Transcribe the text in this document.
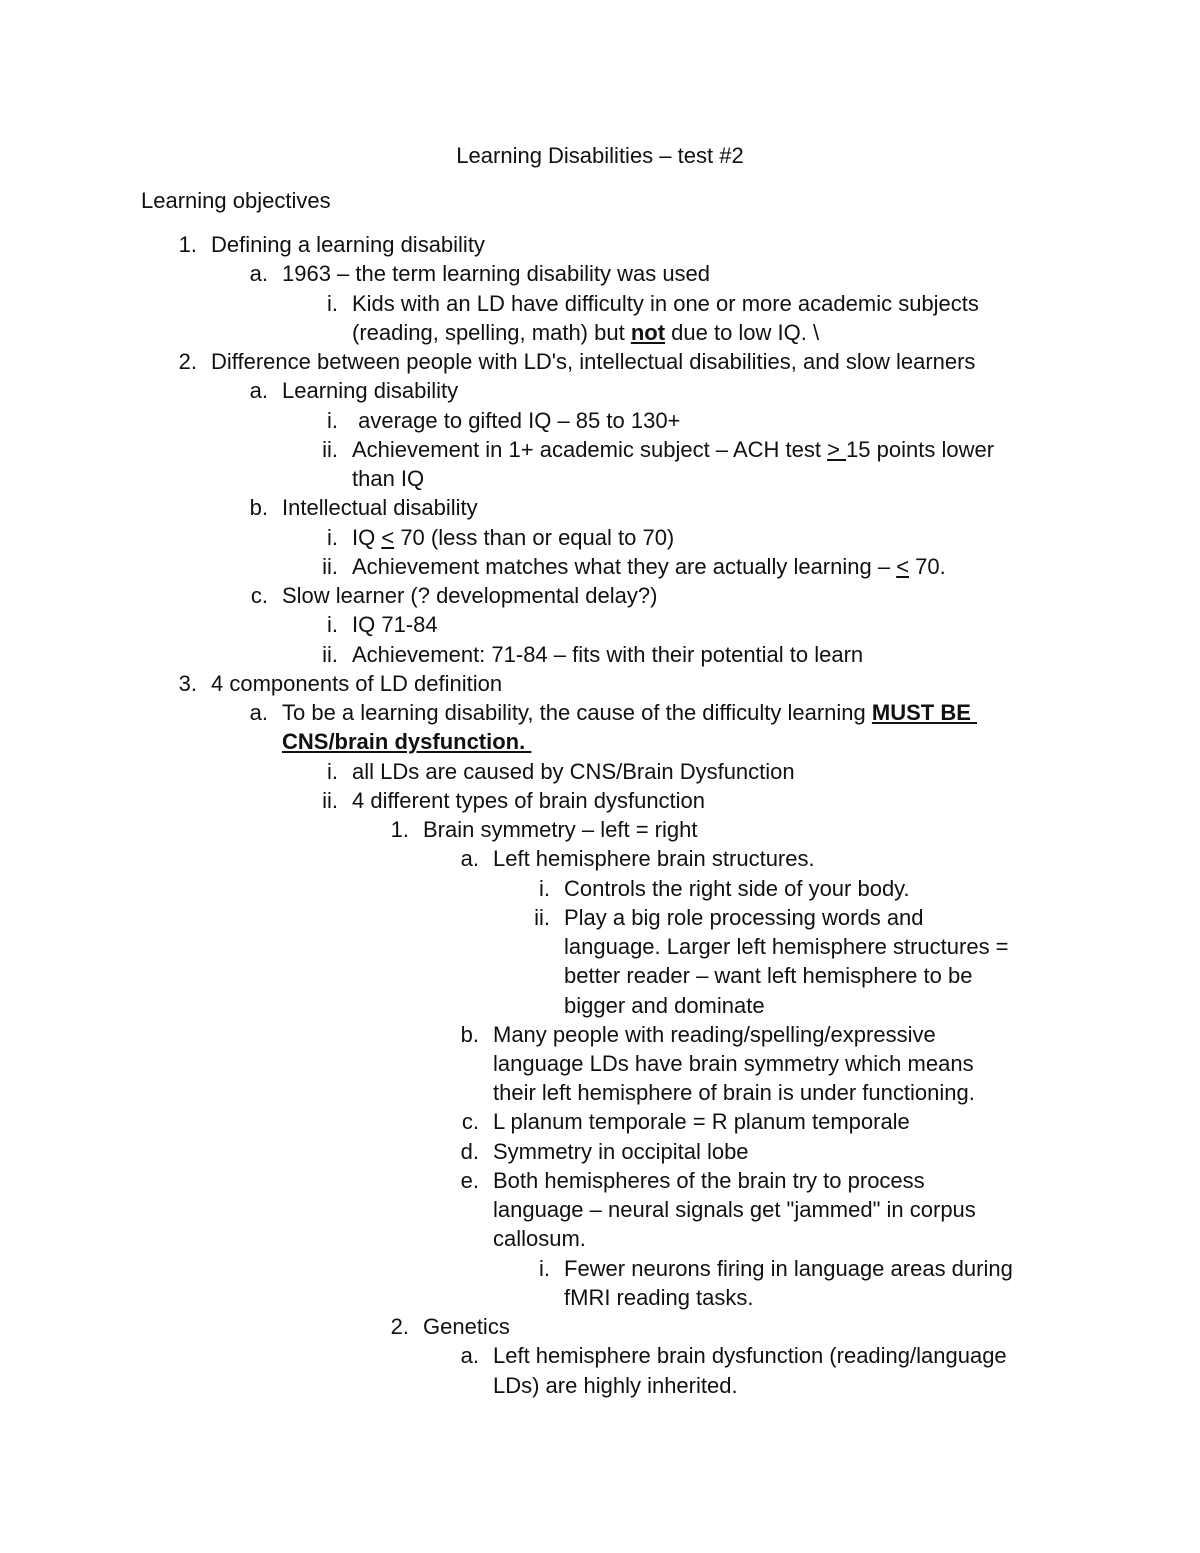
Learning Disabilities – test #2
Learning objectives
1. Defining a learning disability
a. 1963 – the term learning disability was used
i. Kids with an LD have difficulty in one or more academic subjects
(reading, spelling, math) but not due to low IQ. \
2. Difference between people with LD's, intellectual disabilities, and slow learners
a. Learning disability
i. average to gifted IQ – 85 to 130+
ii. Achievement in 1+ academic subject – ACH test > 15 points lower
than IQ
b. Intellectual disability
i. IQ < 70 (less than or equal to 70)
ii. Achievement matches what they are actually learning – < 70.
c. Slow learner (? developmental delay?)
i. IQ 71-84
ii. Achievement: 71-84 – fits with their potential to learn
3. 4 components of LD definition
a. To be a learning disability, the cause of the difficulty learning MUST BE
CNS/brain dysfunction.
i. all LDs are caused by CNS/Brain Dysfunction
ii. 4 different types of brain dysfunction
1. Brain symmetry – left = right
a. Left hemisphere brain structures.
i. Controls the right side of your body.
ii. Play a big role processing words and
language. Larger left hemisphere structures =
better reader – want left hemisphere to be
bigger and dominate
b. Many people with reading/spelling/expressive
language LDs have brain symmetry which means
their left hemisphere of brain is under functioning.
c. L planum temporale = R planum temporale
d. Symmetry in occipital lobe
e. Both hemispheres of the brain try to process
language – neural signals get "jammed" in corpus
callosum.
i. Fewer neurons firing in language areas during
fMRI reading tasks.
2. Genetics
a. Left hemisphere brain dysfunction (reading/language
LDs) are highly inherited.
